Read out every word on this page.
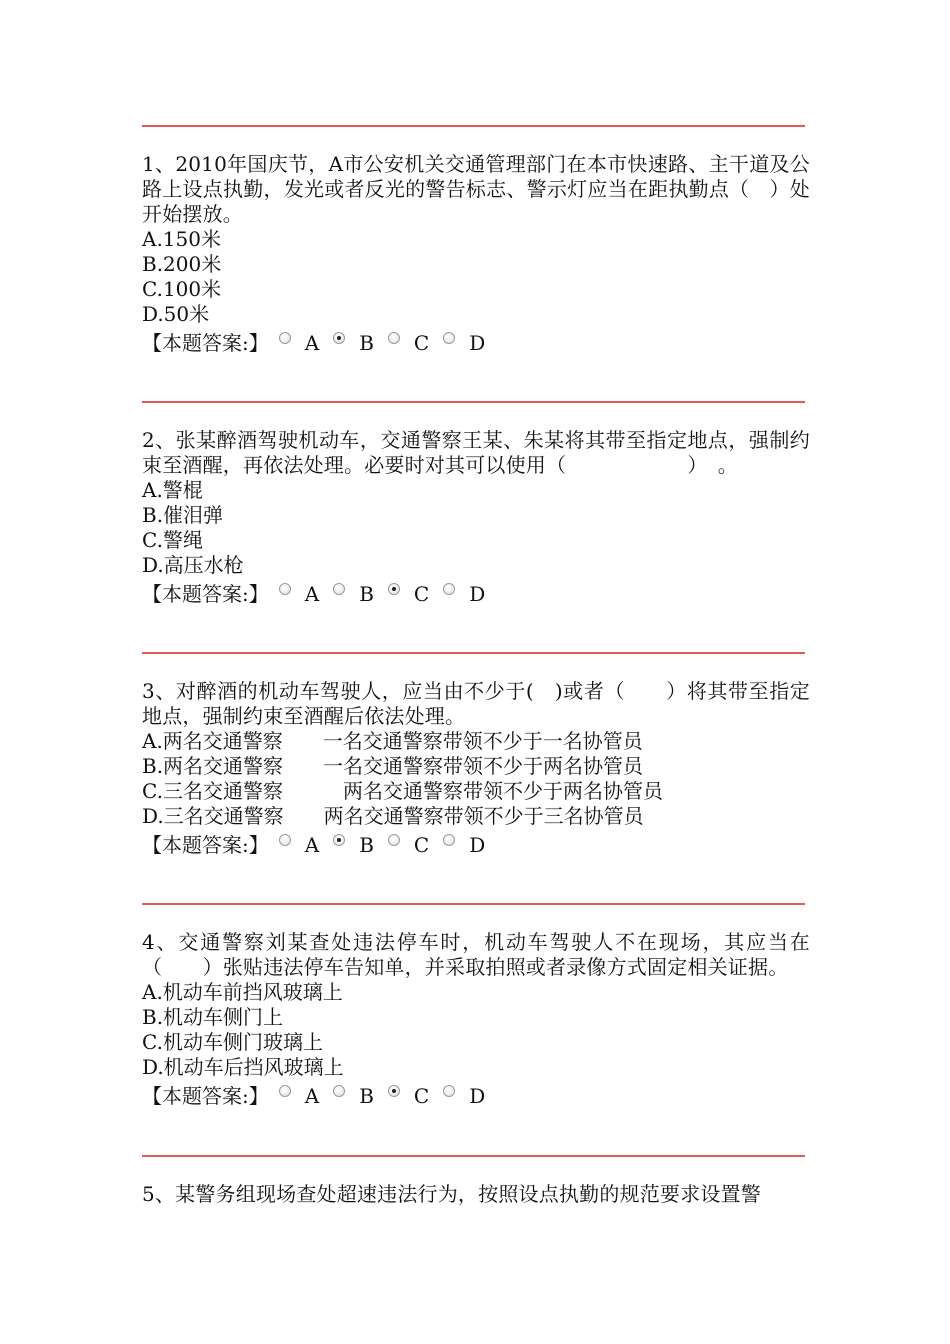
1、2010年国庆节，A市公安机关交通管理部门在本市快速路、主干道及公路上设点执勤，发光或者反光的警告标志、警示灯应当在距执勤点（　）处开始摆放。

A.150米
B.200米
C.100米
D.50米
【本题答案:】 A B C D

2、张某醉酒驾驶机动车，交通警察王某、朱某将其带至指定地点，强制约束至酒醒，再依法处理。必要时对其可以使用（　　　　　　）　。

A.警棍
B.催泪弹
C.警绳
D.高压水枪
【本题答案:】 A B C D

3、对醉酒的机动车驾驶人，应当由不少于(　)或者（　　）将其带至指定地点，强制约束至酒醒后依法处理。

A.两名交通警察　　一名交通警察带领不少于一名协管员
B.两名交通警察　　一名交通警察带领不少于两名协管员
C.三名交通警察　　　两名交通警察带领不少于两名协管员
D.三名交通警察　　两名交通警察带领不少于三名协管员
【本题答案:】 A B C D

4、交通警察刘某查处违法停车时，机动车驾驶人不在现场，其应当在（　　）张贴违法停车告知单，并采取拍照或者录像方式固定相关证据。

A.机动车前挡风玻璃上
B.机动车侧门上
C.机动车侧门玻璃上
D.机动车后挡风玻璃上
【本题答案:】 A B C D

5、某警务组现场查处超速违法行为，按照设点执勤的规范要求设置警
